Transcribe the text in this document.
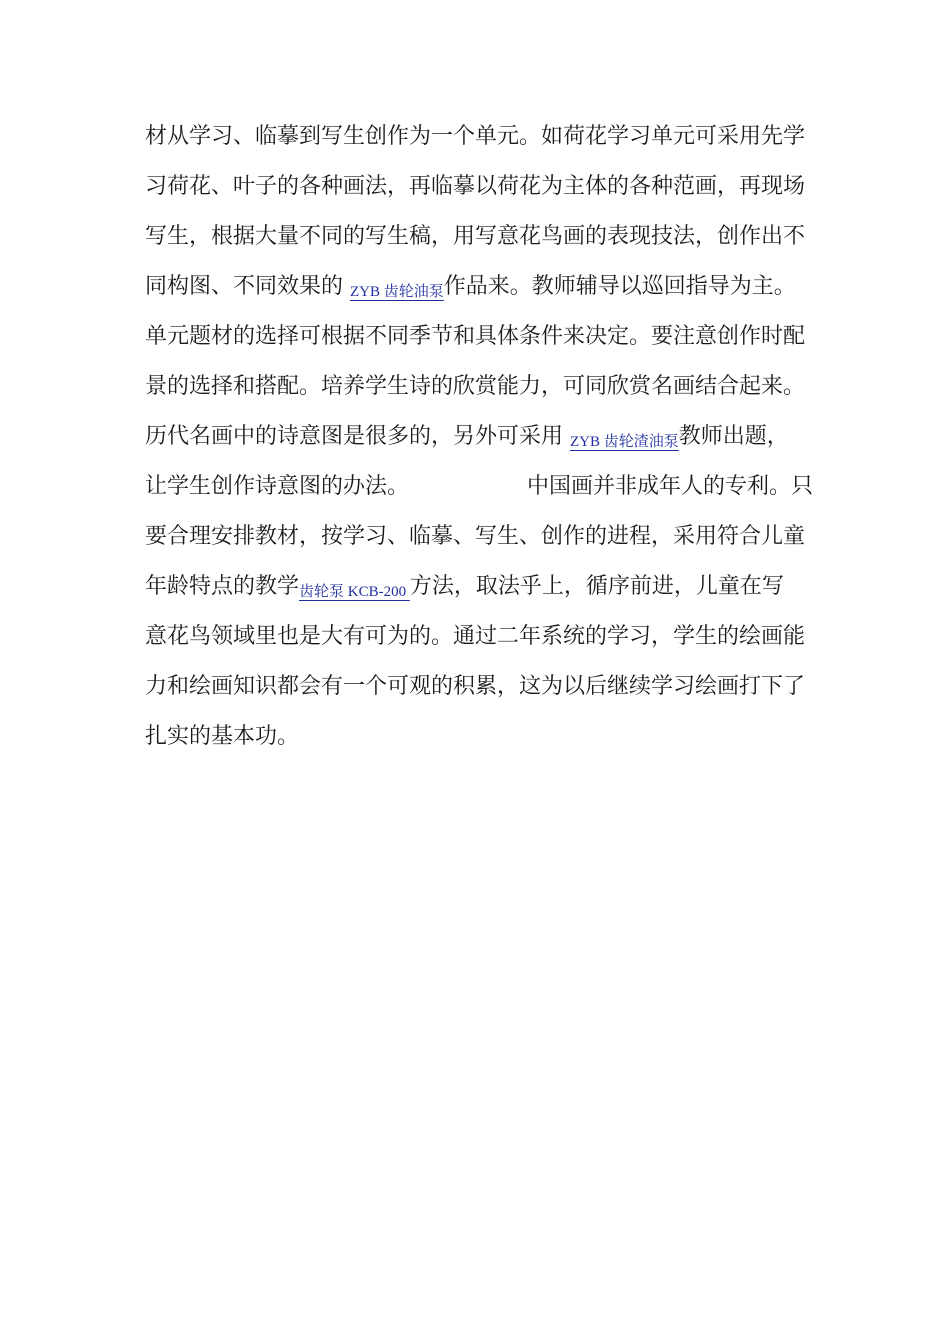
材从学习、临摹到写生创作为一个单元。如荷花学习单元可采用先学
习荷花、叶子的各种画法，再临摹以荷花为主体的各种范画，再现场
写生，根据大量不同的写生稿，用写意花鸟画的表现技法，创作出不
同构图、不同效果的 ZYB 齿轮油泵作品来。教师辅导以巡回指导为主。
单元题材的选择可根据不同季节和具体条件来决定。要注意创作时配
景的选择和搭配。培养学生诗的欣赏能力，可同欣赏名画结合起来。
历代名画中的诗意图是很多的，另外可采用 ZYB 齿轮渣油泵教师出题，
让学生创作诗意图的办法。	中国画并非成年人的专利。只
要合理安排教材，按学习、临摹、写生、创作的进程，采用符合儿童
年龄特点的教学齿轮泵 KCB-200 方法，取法乎上，循序前进，儿童在写
意花鸟领域里也是大有可为的。通过二年系统的学习，学生的绘画能
力和绘画知识都会有一个可观的积累，这为以后继续学习绘画打下了
扎实的基本功。
